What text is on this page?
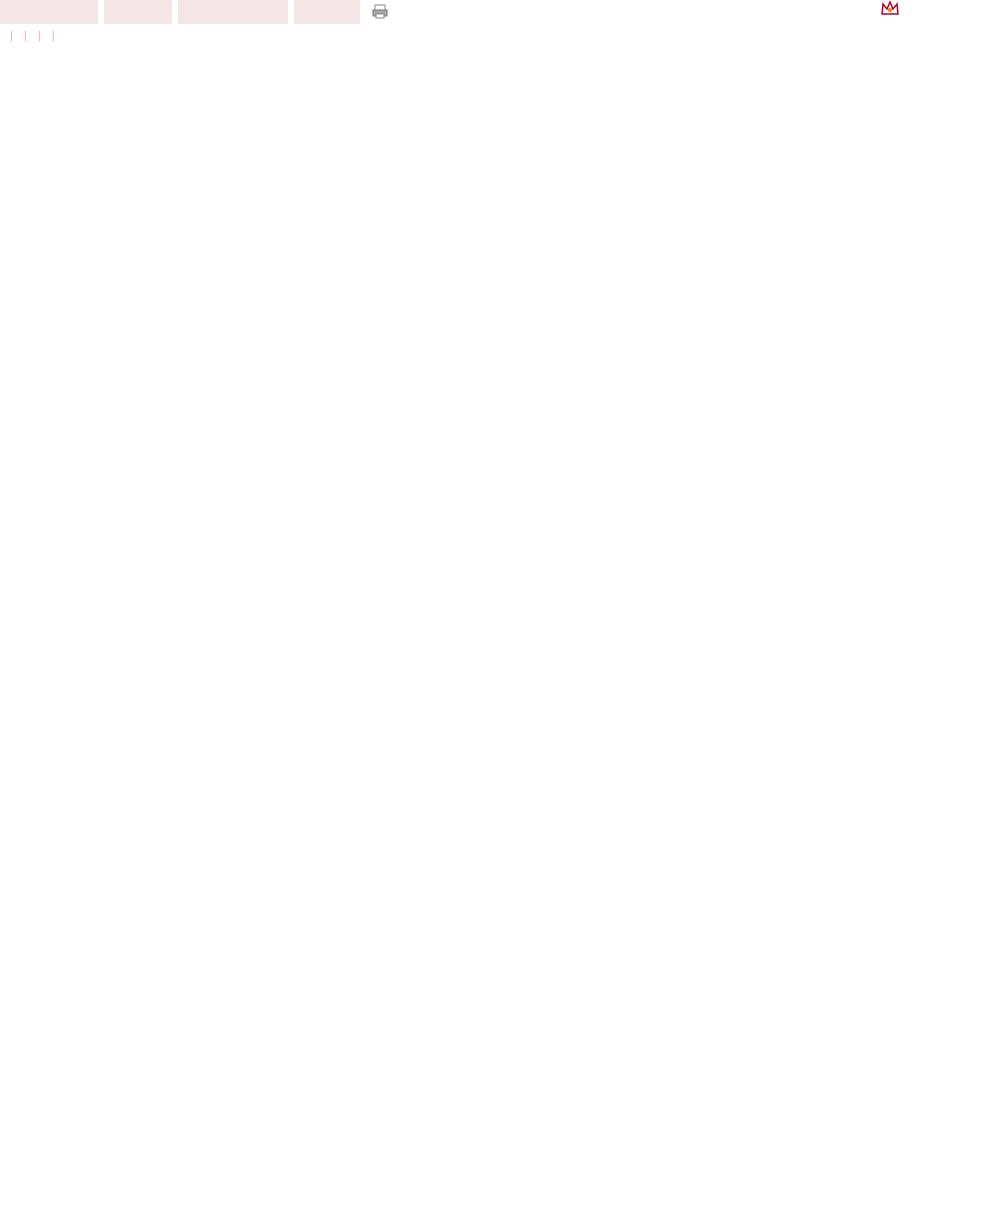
| | | |
